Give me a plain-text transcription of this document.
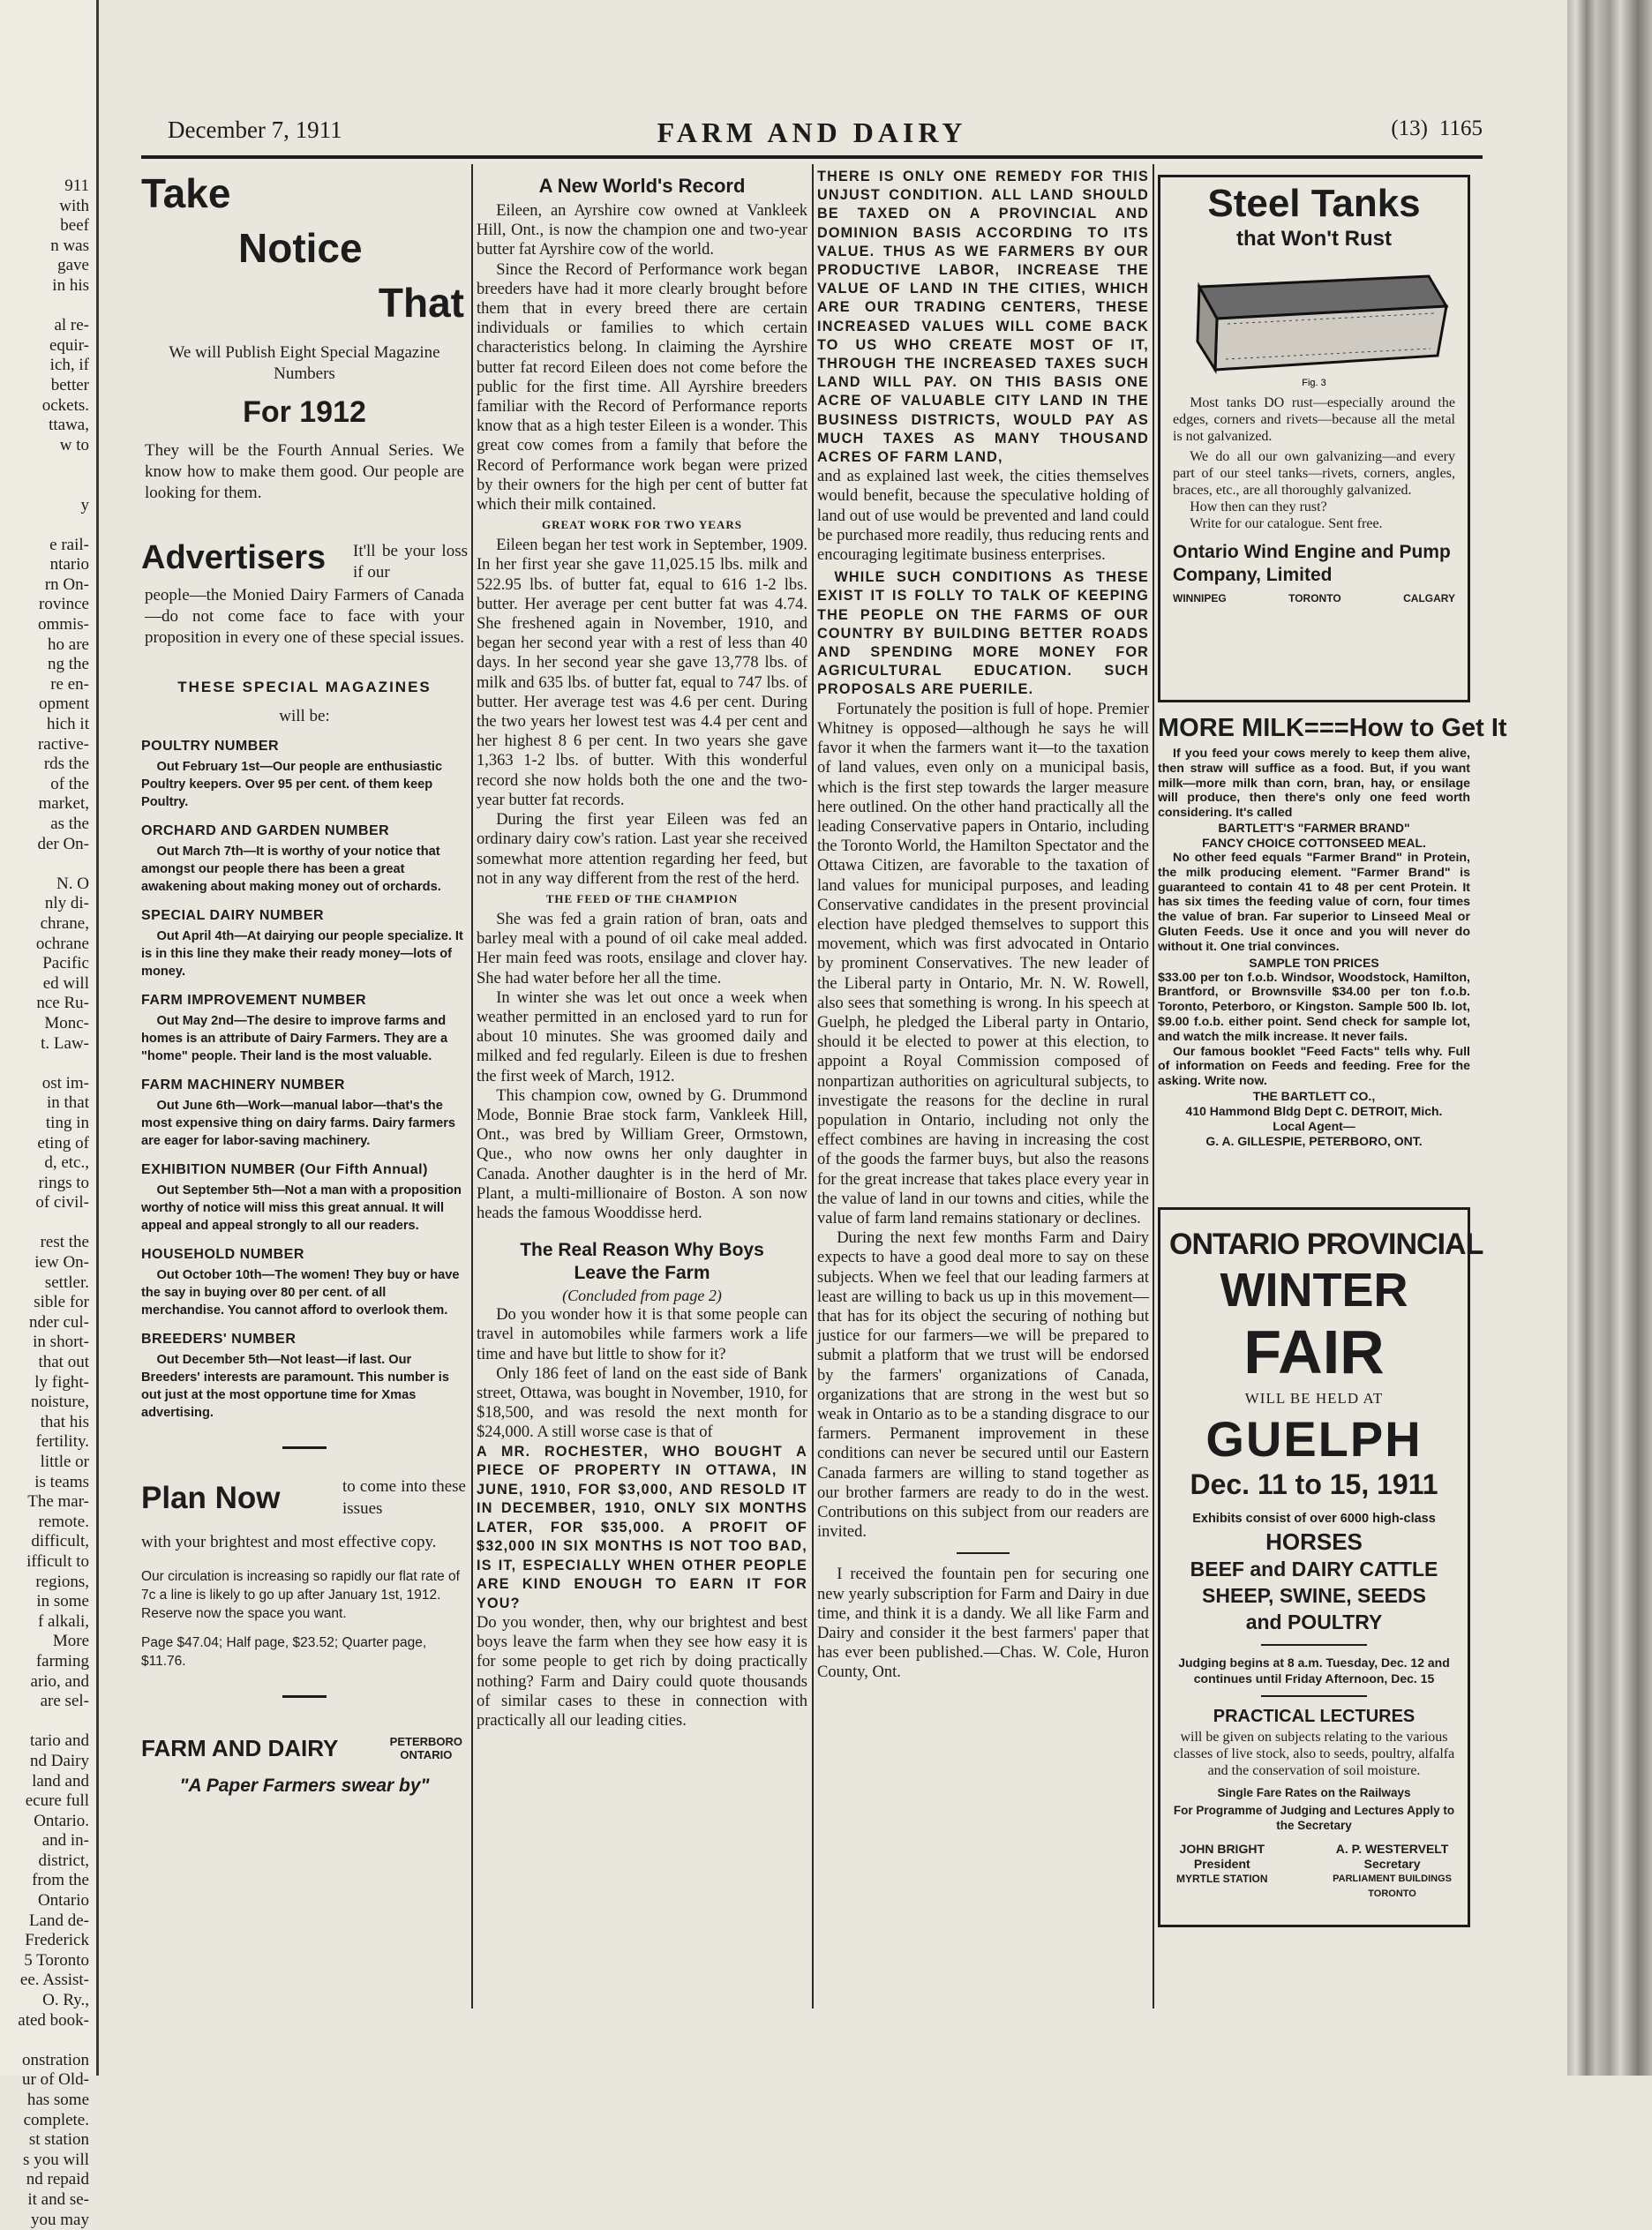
911
with
beef
n was
gave
in his
al re-
equir-
ich, if
better
ockets.
ttawa,
w to
y
e rail-
ntario
rn On-
rovince
ommis-
ho are
ng the
re en-
opment
hich it
ractive-
rds the
of the
market,
as the
der On-
N. O
nly di-
chrane,
ochrane
Pacific
ed will
nce Ru-
Monc-
t. Law-
ost im-
in that
ting in
eting of
d, etc.,
rings to
of civil-
rest the
iew On-
settler.
sible for
nder cul-
in short-
that out
ly fight-
noisture,
that his
fertility.
little or
is teams
The mar-
remote.
difficult,
ifficult to
regions,
in some
f alkali,
More
farming
ario, and
are sel-
tario and
nd Dairy
land and
ecure full
Ontario.
and in-
district,
from the
Ontario
Land de-
Frederick
5 Toronto
ee. Assist-
O. Ry.,
ated book-
onstration
ur of Old-
has some
complete.
st station
s you will
nd repaid
it and se-
you may
December 7, 1911	FARM AND DAIRY	(13) 1165
Take
Notice
That
We will Publish Eight Special Magazine Numbers
For 1912
They will be the Fourth Annual Series. We know how to make them good. Our people are looking for them.
Advertisers It'll be your loss if our
people—the Monied Dairy Farmers of Canada—do not come face to face with your proposition in every one of these special issues.
THESE SPECIAL MAGAZINES
will be:
POULTRY NUMBER
Out February 1st—Our people are enthusiastic Poultry keepers. Over 95 per cent. of them keep Poultry.
ORCHARD AND GARDEN NUMBER
Out March 7th—It is worthy of your notice that amongst our people there has been a great awakening about making money out of orchards.
SPECIAL DAIRY NUMBER
Out April 4th—At dairying our people specialize. It is in this line they make their ready money—lots of money.
FARM IMPROVEMENT NUMBER
Out May 2nd—The desire to improve farms and homes is an attribute of Dairy Farmers. They are a "home" people. Their land is the most valuable.
FARM MACHINERY NUMBER
Out June 6th—Work—manual labor—that's the most expensive thing on dairy farms. Dairy farmers are eager for labor-saving machinery.
EXHIBITION NUMBER (Our Fifth Annual)
Out September 5th—Not a man with a proposition worthy of notice will miss this great annual. It will appeal and appeal strongly to all our readers.
HOUSEHOLD NUMBER
Out October 10th—The women! They buy or have the say in buying over 80 per cent. of all merchandise. You cannot afford to overlook them.
BREEDERS' NUMBER
Out December 5th—Not least—if last. Our Breeders' interests are paramount. This number is out just at the most opportune time for Xmas advertising.
Plan Now	to come into these issues
with your brightest and most effective copy.
Our circulation is increasing so rapidly our flat rate of 7c a line is likely to go up after January 1st, 1912. Reserve now the space you want.
Page $47.04; Half page, $23.52; Quarter page, $11.76.
FARM AND DAIRY	PETERBORO
ONTARIO
"A Paper Farmers swear by"
A New World's Record
Eileen, an Ayrshire cow owned at Vankleek Hill, Ont., is now the champion one and two-year butter fat Ayrshire cow of the world.
Since the Record of Performance work began breeders have had it more clearly brought before them that in every breed there are certain individuals or families to which certain characteristics belong. In claiming the Ayrshire butter fat record Eileen does not come before the public for the first time. All Ayrshire breeders familiar with the Record of Performance reports know that as a high tester Eileen is a wonder. This great cow comes from a family that before the Record of Performance work began were prized by their owners for the high per cent of butter fat which their milk contained.
GREAT WORK FOR TWO YEARS
Eileen began her test work in September, 1909. In her first year she gave 11,025.15 lbs. milk and 522.95 lbs. of butter fat, equal to 616 1-2 lbs. butter. Her average per cent butter fat was 4.74. She freshened again in November, 1910, and began her second year with a rest of less than 40 days. In her second year she gave 13,778 lbs. of milk and 635 lbs. of butter fat, equal to 747 lbs. of butter. Her average test was 4.6 per cent. During the two years her lowest test was 4.4 per cent and her highest 8 6 per cent. In two years she gave 1,363 1-2 lbs. of butter. With this wonderful record she now holds both the one and the two-year butter fat records.
During the first year Eileen was fed an ordinary dairy cow's ration. Last year she received somewhat more attention regarding her feed, but not in any way different from the rest of the herd.
THE FEED OF THE CHAMPION
She was fed a grain ration of bran, oats and barley meal with a pound of oil cake meal added. Her main feed was roots, ensilage and clover hay. She had water before her all the time.
In winter she was let out once a week when weather permitted in an enclosed yard to run for about 10 minutes. She was groomed daily and milked and fed regularly. Eileen is due to freshen the first week of March, 1912.
This champion cow, owned by G. Drummond Mode, Bonnie Brae stock farm, Vankleek Hill, Ont., was bred by William Greer, Ormstown, Que., who now owns her only daughter in Canada. Another daughter is in the herd of Mr. Plant, a multi-millionaire of Boston. A son now heads the famous Wooddisse herd.
The Real Reason Why Boys Leave the Farm
(Concluded from page 2)
Do you wonder how it is that some people can travel in automobiles while farmers work a life time and have but little to show for it?
Only 186 feet of land on the east side of Bank street, Ottawa, was bought in November, 1910, for $18,500, and was resold the next month for $24,000. A still worse case is that of
A MR. ROCHESTER, WHO BOUGHT A PIECE OF PROPERTY IN OTTAWA, IN JUNE, 1910, FOR $3,000, AND RESOLD IT IN DECEMBER, 1910, ONLY SIX MONTHS LATER, FOR $35,000. A PROFIT OF $32,000 IN SIX MONTHS IS NOT TOO BAD, IS IT, ESPECIALLY WHEN OTHER PEOPLE ARE KIND ENOUGH TO EARN IT FOR YOU?
Do you wonder, then, why our brightest and best boys leave the farm when they see how easy it is for some people to get rich by doing practically nothing? Farm and Dairy could quote thousands of similar cases to these in connection with practically all our leading cities.
THERE IS ONLY ONE REMEDY FOR THIS UNJUST CONDITION. ALL LAND SHOULD BE TAXED ON A PROVINCIAL AND DOMINION BASIS ACCORDING TO ITS VALUE. THUS AS WE FARMERS BY OUR PRODUCTIVE LABOR, INCREASE THE VALUE OF LAND IN THE CITIES, WHICH ARE OUR TRADING CENTERS, THESE INCREASED VALUES WILL COME BACK TO US WHO CREATE MOST OF IT, THROUGH THE INCREASED TAXES SUCH LAND WILL PAY. ON THIS BASIS ONE ACRE OF VALUABLE CITY LAND IN THE BUSINESS DISTRICTS, WOULD PAY AS MUCH TAXES AS MANY THOUSAND ACRES OF FARM LAND,
and as explained last week, the cities themselves would benefit, because the speculative holding of land out of use would be prevented and land could be purchased more readily, thus reducing rents and encouraging legitimate business enterprises.
WHILE SUCH CONDITIONS AS THESE EXIST IT IS FOLLY TO TALK OF KEEPING THE PEOPLE ON THE FARMS OF OUR COUNTRY BY BUILDING BETTER ROADS AND SPENDING MORE MONEY FOR AGRICULTURAL EDUCATION. SUCH PROPOSALS ARE PUERILE.
Fortunately the position is full of hope. Premier Whitney is opposed—although he says he will favor it when the farmers want it—to the taxation of land values, even only on a municipal basis, which is the first step towards the larger measure here outlined. On the other hand practically all the leading Conservative papers in Ontario, including the Toronto World, the Hamilton Spectator and the Ottawa Citizen, are favorable to the taxation of land values for municipal purposes, and leading Conservative candidates in the present provincial election have pledged themselves to support this movement, which was first advocated in Ontario by prominent Conservatives. The new leader of the Liberal party in Ontario, Mr. N. W. Rowell, also sees that something is wrong. In his speech at Guelph, he pledged the Liberal party in Ontario, should it be elected to power at this election, to appoint a Royal Commission composed of nonpartizan authorities on agricultural subjects, to investigate the reasons for the decline in rural population in Ontario, including not only the effect combines are having in increasing the cost of the goods the farmer buys, but also the reasons for the great increase that takes place every year in the value of land in our towns and cities, while the value of farm land remains stationary or declines.
During the next few months Farm and Dairy expects to have a good deal more to say on these subjects. When we feel that our leading farmers at least are willing to back us up in this movement—that has for its object the securing of nothing but justice for our farmers—we will be prepared to submit a platform that we trust will be endorsed by the farmers' organizations of Canada, organizations that are strong in the west but so weak in Ontario as to be a standing disgrace to our farmers. Permanent improvement in these conditions can never be secured until our Eastern Canada farmers are willing to stand together as our brother farmers are ready to do in the west. Contributions on this subject from our readers are invited.
I received the fountain pen for securing one new yearly subscription for Farm and Dairy in due time, and think it is a dandy. We all like Farm and Dairy and consider it the best farmers' paper that has ever been published.—Chas. W. Cole, Huron County, Ont.
Steel Tanks
that Won't Rust
Fig. 3
Most tanks DO rust—especially around the edges, corners and rivets—because all the metal is not galvanized.
We do all our own galvanizing—and every part of our steel tanks—rivets, corners, angles, braces, etc., are all thoroughly galvanized.
How then can they rust?
Write for our catalogue. Sent free.
Ontario Wind Engine and Pump Company, Limited
WINNIPEG	TORONTO	CALGARY
MORE MILK===How to Get It
If you feed your cows merely to keep them alive, then straw will suffice as a food. But, if you want milk—more milk than corn, bran, hay, or ensilage will produce, then there's only one feed worth considering. It's called
BARTLETT'S "FARMER BRAND"
FANCY CHOICE COTTONSEED MEAL.
No other feed equals "Farmer Brand" in Protein, the milk producing element. "Farmer Brand" is guaranteed to contain 41 to 48 per cent Protein. It has six times the feeding value of corn, four times the value of bran. Far superior to Linseed Meal or Gluten Feeds. Use it once and you will never do without it. One trial convinces.
SAMPLE TON PRICES
$33.00 per ton f.o.b. Windsor, Woodstock, Hamilton, Brantford, or Brownsville $34.00 per ton f.o.b. Toronto, Peterboro, or Kingston. Sample 500 lb. lot, $9.00 f.o.b. either point. Send check for sample lot, and watch the milk increase. It never fails.
Our famous booklet "Feed Facts" tells why. Full of information on Feeds and feeding. Free for the asking. Write now.
THE BARTLETT CO.,
410 Hammond Bldg Dept C. DETROIT, Mich.
Local Agent—
G. A. GILLESPIE, PETERBORO, ONT.
ONTARIO PROVINCIAL
WINTER
FAIR
WILL BE HELD AT
GUELPH
Dec. 11 to 15, 1911
Exhibits consist of over 6000 high-class
HORSES
BEEF and DAIRY CATTLE
SHEEP, SWINE, SEEDS
and POULTRY
Judging begins at 8 a.m. Tuesday, Dec. 12 and continues until Friday Afternoon, Dec. 15
PRACTICAL LECTURES
will be given on subjects relating to the various classes of live stock, also to seeds, poultry, alfalfa and the conservation of soil moisture.
Single Fare Rates on the Railways
For Programme of Judging and Lectures Apply to the Secretary
JOHN BRIGHT
President
MYRTLE STATION
A. P. WESTERVELT
Secretary
PARLIAMENT BUILDINGS
TORONTO
